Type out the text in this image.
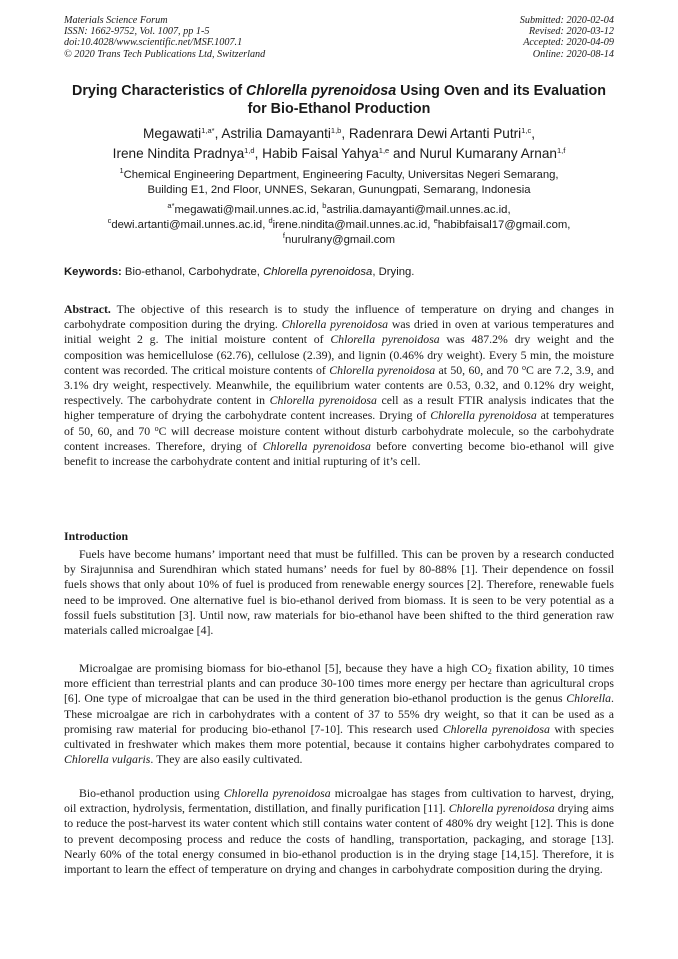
Materials Science Forum
ISSN: 1662-9752, Vol. 1007, pp 1-5
doi:10.4028/www.scientific.net/MSF.1007.1
© 2020 Trans Tech Publications Ltd, Switzerland
Submitted: 2020-02-04
Revised: 2020-03-12
Accepted: 2020-04-09
Online: 2020-08-14
Drying Characteristics of Chlorella pyrenoidosa Using Oven and its Evaluation for Bio-Ethanol Production
Megawati$^{1,a*}$, Astrilia Damayanti$^{1,b}$, Radenrara Dewi Artanti Putri$^{1,c}$,
Irene Nindita Pradnya$^{1,d}$, Habib Faisal Yahya$^{1,e}$ and Nurul Kumarany Arnan$^{1,f}$
$^1$Chemical Engineering Department, Engineering Faculty, Universitas Negeri Semarang,
Building E1, 2nd Floor, UNNES, Sekaran, Gunungpati, Semarang, Indonesia
$^{a*}$megawati@mail.unnes.ac.id, $^b$astrilia.damayanti@mail.unnes.ac.id,
$^c$dewi.artanti@mail.unnes.ac.id, $^d$irene.nindita@mail.unnes.ac.id, $^e$habibfaisal17@gmail.com,
$^f$nurulrany@gmail.com
Keywords: Bio-ethanol, Carbohydrate, Chlorella pyrenoidosa, Drying.
Abstract. The objective of this research is to study the influence of temperature on drying and changes in carbohydrate composition during the drying. Chlorella pyrenoidosa was dried in oven at various temperatures and initial weight 2 g. The initial moisture content of Chlorella pyrenoidosa was 487.2% dry weight and the composition was hemicellulose (62.76), cellulose (2.39), and lignin (0.46% dry weight). Every 5 min, the moisture content was recorded. The critical moisture contents of Chlorella pyrenoidosa at 50, 60, and 70 $^o$C are 7.2, 3.9, and 3.1% dry weight, respectively. Meanwhile, the equilibrium water contents are 0.53, 0.32, and 0.12% dry weight, respectively. The carbohydrate content in Chlorella pyrenoidosa cell as a result FTIR analysis indicates that the higher temperature of drying the carbohydrate content increases. Drying of Chlorella pyrenoidosa at temperatures of 50, 60, and 70 $^o$C will decrease moisture content without disturb carbohydrate molecule, so the carbohydrate content increases. Therefore, drying of Chlorella pyrenoidosa before converting become bio-ethanol will give benefit to increase the carbohydrate content and initial rupturing of it’s cell.
Introduction

Fuels have become humans’ important need that must be fulfilled. This can be proven by a research conducted by Sirajunnisa and Surendhiran which stated humans’ needs for fuel by 80-88% [1]. Their dependence on fossil fuels shows that only about 10% of fuel is produced from renewable energy sources [2]. Therefore, renewable fuels need to be improved. One alternative fuel is bio-ethanol derived from biomass. It is seen to be very potential as a fossil fuels substitution [3]. Until now, raw materials for bio-ethanol have been shifted to the third generation raw materials called microalgae [4].

Microalgae are promising biomass for bio-ethanol [5], because they have a high $CO_2$ fixation ability, 10 times more efficient than terrestrial plants and can produce 30-100 times more energy per hectare than agricultural crops [6]. One type of microalgae that can be used in the third generation bio-ethanol production is the genus Chlorella. These microalgae are rich in carbohydrates with a content of 37 to 55% dry weight, so that it can be used as a promising raw material for producing bio-ethanol [7-10]. This research used Chlorella pyrenoidosa with species cultivated in freshwater which makes them more potential, because it contains higher carbohydrates compared to Chlorella vulgaris. They are also easily cultivated.

Bio-ethanol production using Chlorella pyrenoidosa microalgae has stages from cultivation to harvest, drying, oil extraction, hydrolysis, fermentation, distillation, and finally purification [11]. Chlorella pyrenoidosa drying aims to reduce the post-harvest its water content which still contains water content of 480% dry weight [12]. This is done to prevent decomposing process and reduce the costs of handling, transportation, packaging, and storage [13]. Nearly 60% of the total energy consumed in bio-ethanol production is in the drying stage [14,15]. Therefore, it is important to learn the effect of temperature on drying and changes in carbohydrate composition during the drying.
